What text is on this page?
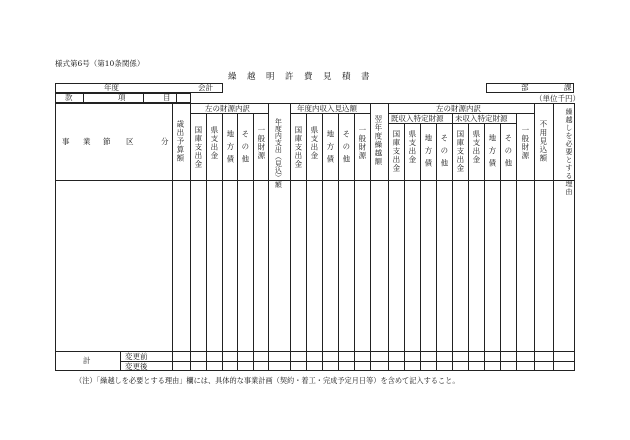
様式第6号（第10条関係）
繰　越　明　許　費　見　積　書
年度	会計	部	課
款	項	目	（単位千円）
事　業 節 区　分
歳出予算額
左の財源内訳
国庫支出金 県支出金 地方債 その他 一般財源 年度内支出（見込）額
年度内収入見込額
国庫支出金 県支出金 地方債 その他 一般財源 翌年度繰越額
左の財源内訳
既収入特定財源 未収入特定財源
国庫支出金 県支出金 地方債 その他 国庫支出金 県支出金 地方債 その他 一般財源 不用見込額	繰越しを必要とする理由
計	変更前
変更後
（注）「繰越しを必要とする理由」欄には、具体的な事業計画（契約・着工・完成予定月日等）を含めて記入すること。
